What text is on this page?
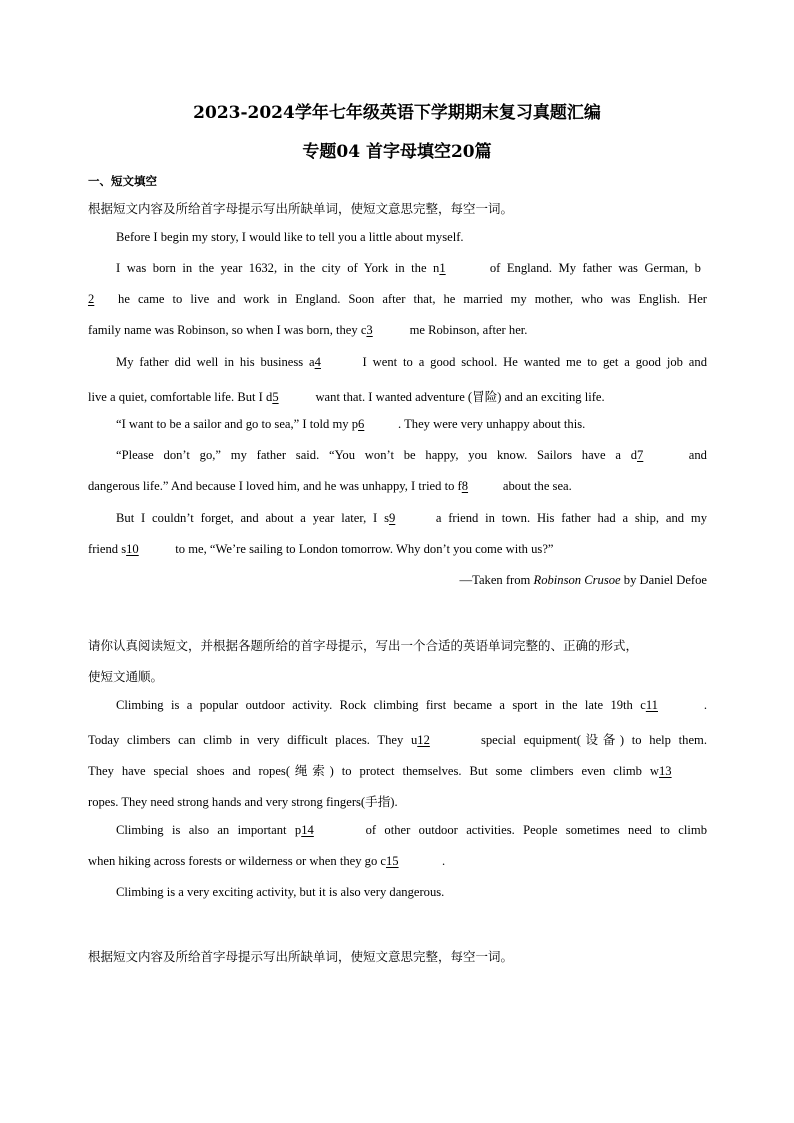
2023-2024学年七年级英语下学期期末复习真题汇编
专题04 首字母填空20篇
一、短文填空
根据短文内容及所给首字母提示写出所缺单词，使短文意思完整，每空一词。
Before I begin my story, I would like to tell you a little about myself.
I was born in the year 1632, in the city of York in the n1	of England. My father was German, b
2 he came to live and work in England. Soon after that, he married my mother, who was English. Her
family name was Robinson, so when I was born, they c3	me Robinson, after her.
My father did well in his business a4	I went to a good school. He wanted me to get a good job and
live a quiet, comfortable life. But I d5	want that. I wanted adventure (冒险) and an exciting life.
“I want to be a sailor and go to sea,” I told my p6	. They were very unhappy about this.
“Please don’t go,” my father said. “You won’t be happy, you know. Sailors have a d7	and
dangerous life.” And because I loved him, and he was unhappy, I tried to f8	about the sea.
But I couldn’t forget, and about a year later, I s9	a friend in town. His father had a ship, and my
friend s10	to me, “We’re sailing to London tomorrow. Why don’t you come with us?”
—Taken from Robinson Crusoe by Daniel Defoe
请你认真阅读短文，并根据各题所给的首字母提示，写出一个合适的英语单词完整的、正确的形式，
使短文通顺。
Climbing is a popular outdoor activity. Rock climbing first became a sport in the late 19th c11	.
Today climbers can climb in very difficult places. They u12	special equipment(设备) to help them.
They have special shoes and ropes(绳索) to protect themselves. But some climbers even climb w13
ropes. They need strong hands and very strong fingers(手指).
Climbing is also an important p14	of other outdoor activities. People sometimes need to climb
when hiking across forests or wilderness or when they go c15	.
Climbing is a very exciting activity, but it is also very dangerous.
根据短文内容及所给首字母提示写出所缺单词，使短文意思完整，每空一词。
